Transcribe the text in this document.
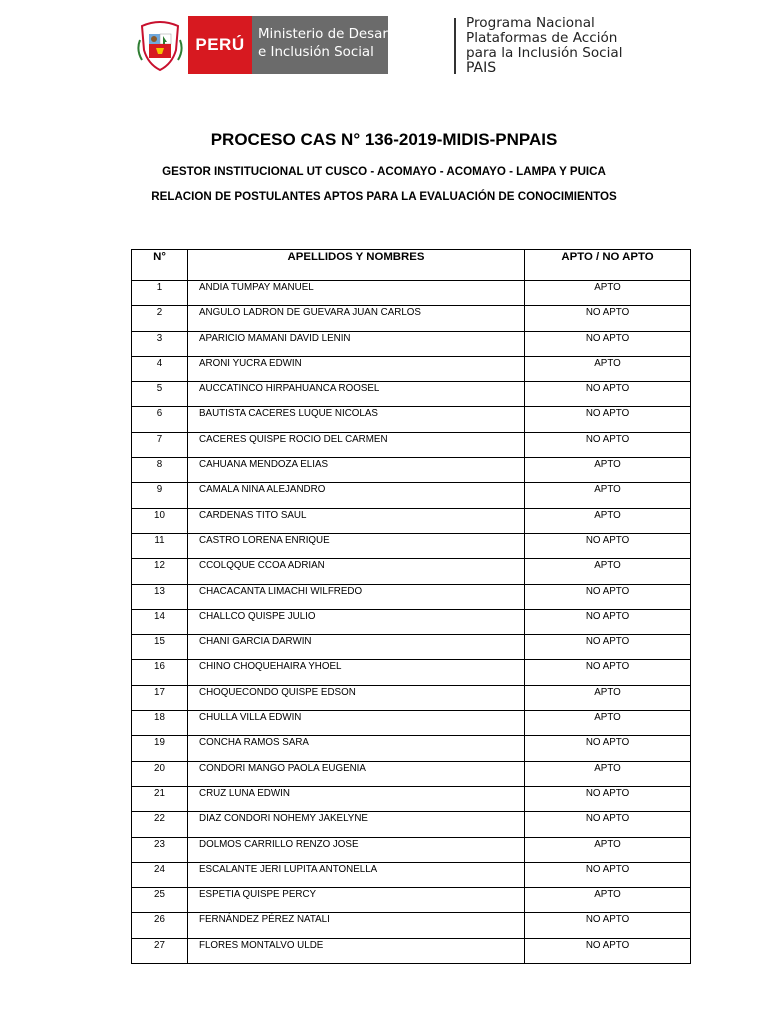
PERÚ
Ministerio de Desarrollo
e Inclusión Social
Programa Nacional
Plataformas de Acción
para la Inclusión Social
PAIS
PROCESO CAS N° 136-2019-MIDIS-PNPAIS
GESTOR INSTITUCIONAL UT CUSCO - ACOMAYO - ACOMAYO - LAMPA Y PUICA
RELACION DE POSTULANTES APTOS PARA LA EVALUACIÓN DE CONOCIMIENTOS
N°	APELLIDOS Y NOMBRES	APTO / NO APTO
1	ANDIA TUMPAY MANUEL	APTO
2	ANGULO LADRON DE GUEVARA JUAN CARLOS	NO APTO
3	APARICIO MAMANI DAVID LENIN	NO APTO
4	ARONI YUCRA EDWIN	APTO
5	AUCCATINCO HIRPAHUANCA ROOSEL	NO APTO
6	BAUTISTA CACERES LUQUE NICOLAS	NO APTO
7	CACERES QUISPE ROCIO DEL CARMEN	NO APTO
8	CAHUANA MENDOZA ELIAS	APTO
9	CAMALA NINA ALEJANDRO	APTO
10	CARDENAS TITO SAUL	APTO
11	CASTRO LORENA ENRIQUE	NO APTO
12	CCOLQQUE CCOA ADRIAN	APTO
13	CHACACANTA LIMACHI WILFREDO	NO APTO
14	CHALLCO QUISPE JULIO	NO APTO
15	CHANI GARCIA DARWIN	NO APTO
16	CHINO CHOQUEHAIRA YHOEL	NO APTO
17	CHOQUECONDO QUISPE EDSON	APTO
18	CHULLA VILLA EDWIN	APTO
19	CONCHA RAMOS SARA	NO APTO
20	CONDORI MANGO PAOLA EUGENIA	APTO
21	CRUZ LUNA EDWIN	NO APTO
22	DIAZ CONDORI NOHEMY JAKELYNE	NO APTO
23	DOLMOS CARRILLO RENZO JOSE	APTO
24	ESCALANTE JERI LUPITA ANTONELLA	NO APTO
25	ESPETIA QUISPE PERCY	APTO
26	FERNÁNDEZ PÉREZ NATALI	NO APTO
27	FLORES MONTALVO ULDE	NO APTO
